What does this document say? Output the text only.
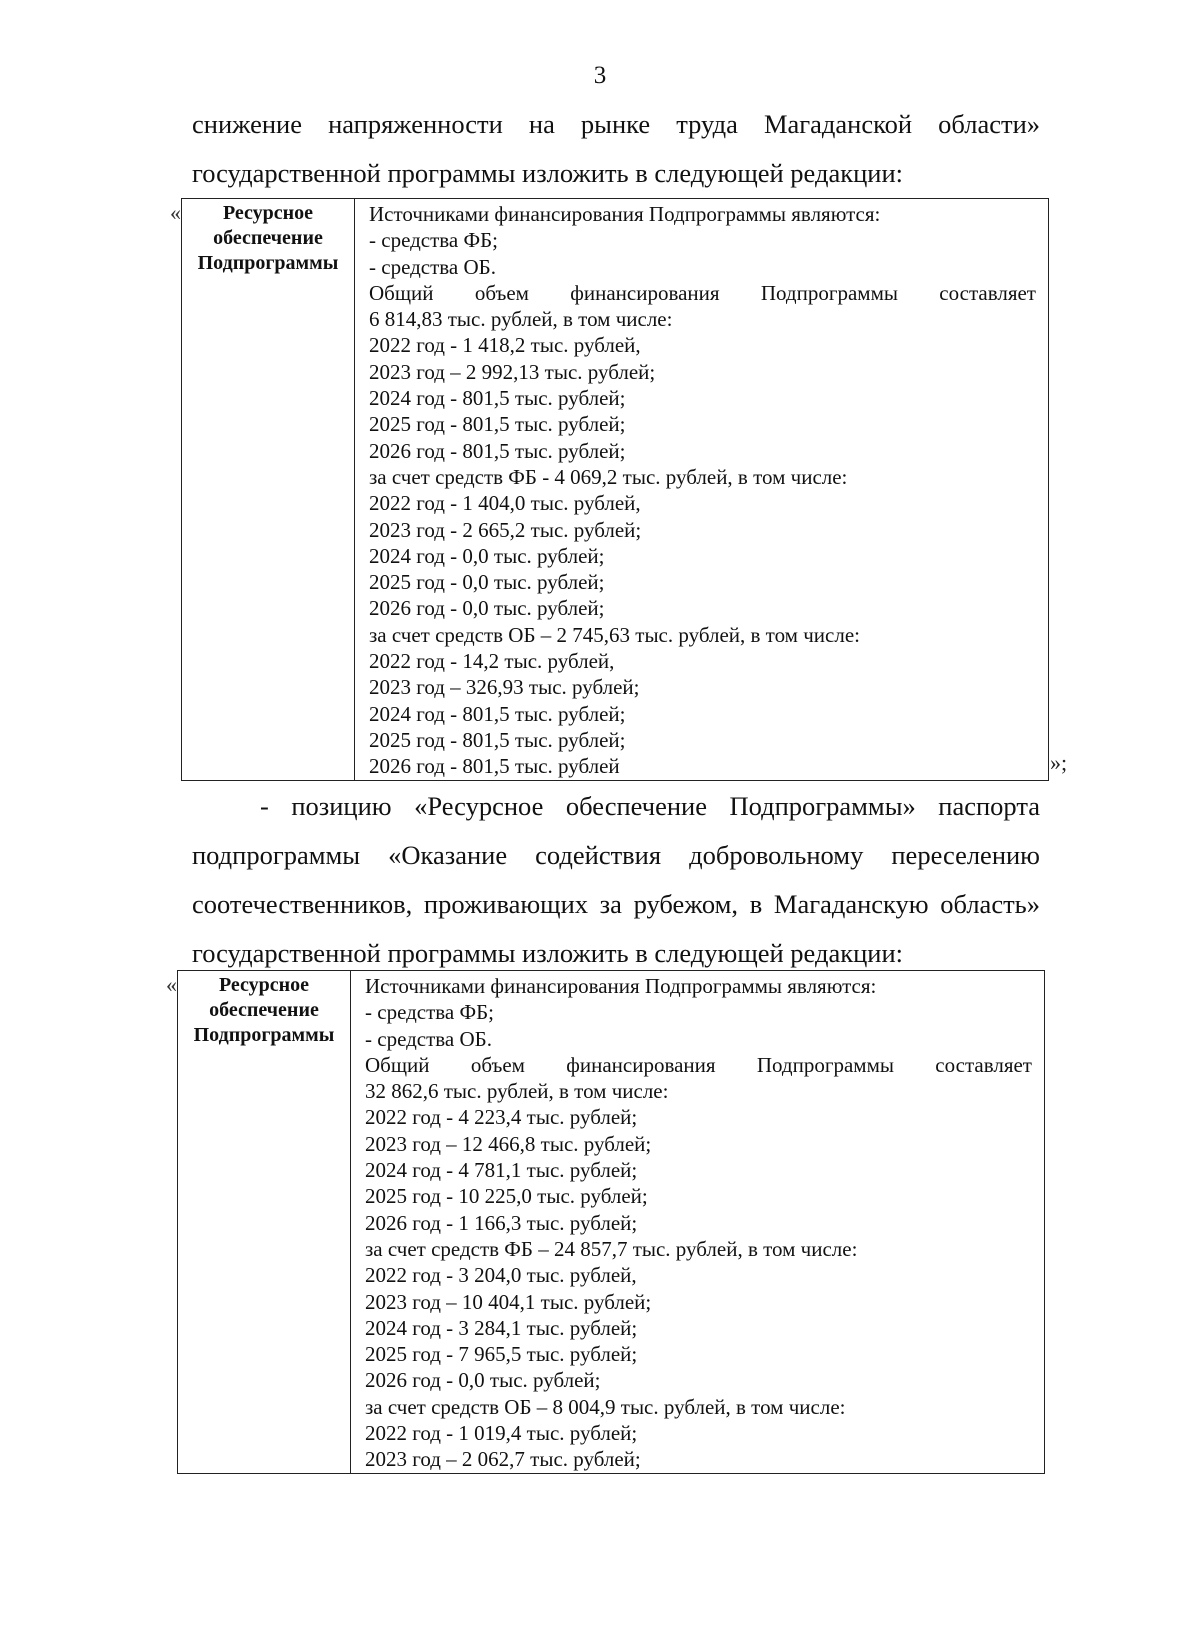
3
снижение напряженности на рынке труда Магаданской области»
государственной программы изложить в следующей редакции:
«	Ресурсное
обеспечение
Подпрограммы

Источниками финансирования Подпрограммы являются:
- средства ФБ;
- средства ОБ.
Общий объем финансирования Подпрограммы составляет
6 814,83 тыс. рублей, в том числе:
2022 год - 1 418,2 тыс. рублей,
2023 год – 2 992,13 тыс. рублей;
2024 год - 801,5 тыс. рублей;
2025 год - 801,5 тыс. рублей;
2026 год - 801,5 тыс. рублей;
за счет средств ФБ - 4 069,2 тыс. рублей, в том числе:
2022 год - 1 404,0 тыс. рублей,
2023 год - 2 665,2 тыс. рублей;
2024 год - 0,0 тыс. рублей;
2025 год - 0,0 тыс. рублей;
2026 год - 0,0 тыс. рублей;
за счет средств ОБ – 2 745,63 тыс. рублей, в том числе:
2022 год - 14,2 тыс. рублей,
2023 год – 326,93 тыс. рублей;
2024 год - 801,5 тыс. рублей;
2025 год - 801,5 тыс. рублей;
2026 год - 801,5 тыс. рублей	»;
- позицию «Ресурсное обеспечение Подпрограммы» паспорта
подпрограммы «Оказание содействия добровольному переселению
соотечественников, проживающих за рубежом, в Магаданскую область»
государственной программы изложить в следующей редакции:
«	Ресурсное
обеспечение
Подпрограммы

Источниками финансирования Подпрограммы являются:
- средства ФБ;
- средства ОБ.
Общий объем финансирования Подпрограммы составляет
32 862,6 тыс. рублей, в том числе:
2022 год - 4 223,4 тыс. рублей;
2023 год – 12 466,8 тыс. рублей;
2024 год - 4 781,1 тыс. рублей;
2025 год - 10 225,0 тыс. рублей;
2026 год - 1 166,3 тыс. рублей;
за счет средств ФБ – 24 857,7 тыс. рублей, в том числе:
2022 год - 3 204,0 тыс. рублей,
2023 год – 10 404,1 тыс. рублей;
2024 год - 3 284,1 тыс. рублей;
2025 год - 7 965,5 тыс. рублей;
2026 год - 0,0 тыс. рублей;
за счет средств ОБ – 8 004,9 тыс. рублей, в том числе:
2022 год - 1 019,4 тыс. рублей;
2023 год – 2 062,7 тыс. рублей;
